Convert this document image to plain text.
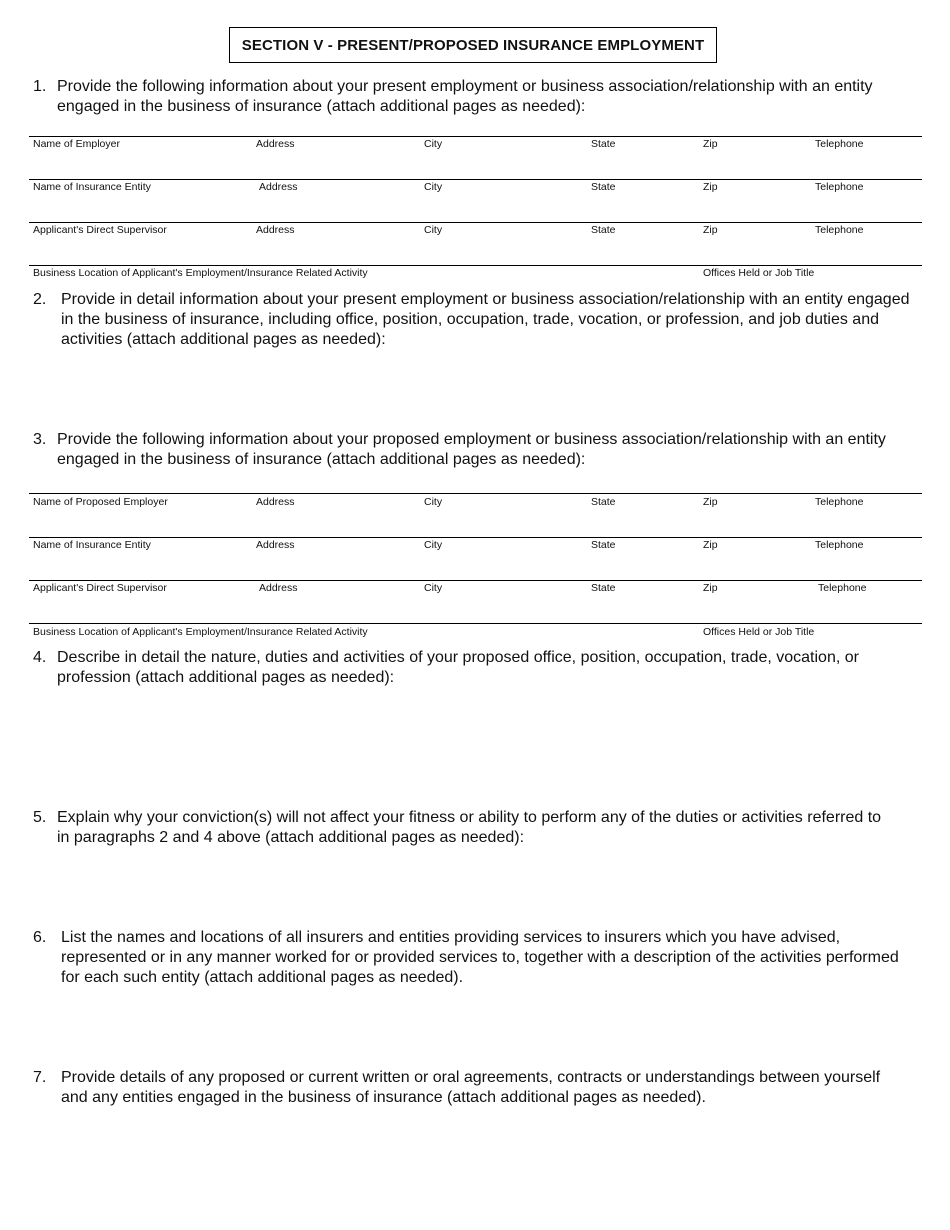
SECTION V - PRESENT/PROPOSED INSURANCE EMPLOYMENT
1. Provide the following information about your present employment or business association/relationship with an entity engaged in the business of insurance (attach additional pages as needed):
Name of Employer	Address	City	State	Zip	Telephone
Name of Insurance Entity	Address	City	State	Zip	Telephone
Applicant's Direct Supervisor	Address	City	State	Zip	Telephone
Business Location of Applicant's Employment/Insurance Related Activity	Offices Held or Job Title
2. Provide in detail information about your present employment or business association/relationship with an entity engaged in the business of insurance, including office, position, occupation, trade, vocation, or profession, and job duties and activities (attach additional pages as needed):
3. Provide the following information about your proposed employment or business association/relationship with an entity engaged in the business of insurance (attach additional pages as needed):
Name of Proposed Employer	Address	City	State	Zip	Telephone
Name of Insurance Entity	Address	City	State	Zip	Telephone
Applicant's Direct Supervisor	Address	City	State	Zip	Telephone
Business Location of Applicant's Employment/Insurance Related Activity	Offices Held or Job Title
4. Describe in detail the nature, duties and activities of your proposed office, position, occupation, trade, vocation, or profession (attach additional pages as needed):
5. Explain why your conviction(s) will not affect your fitness or ability to perform any of the duties or activities referred to in paragraphs 2 and 4 above (attach additional pages as needed):
6. List the names and locations of all insurers and entities providing services to insurers which you have advised, represented or in any manner worked for or provided services to, together with a description of the activities performed for each such entity (attach additional pages as needed).
7. Provide details of any proposed or current written or oral agreements, contracts or understandings between yourself and any entities engaged in the business of insurance (attach additional pages as needed).
